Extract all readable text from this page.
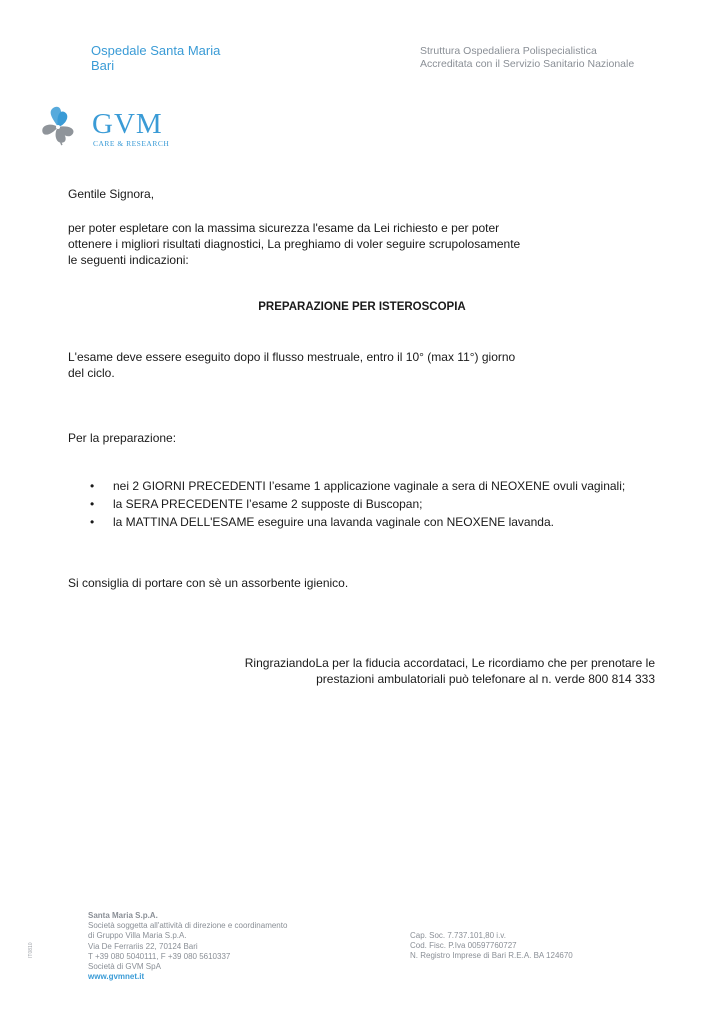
Ospedale Santa Maria
Bari
Struttura Ospedaliera Polispecialistica
Accreditata con il Servizio Sanitario Nazionale
GVM
CARE & RESEARCH
Gentile Signora,
per poter espletare con la massima sicurezza l'esame da Lei richiesto e per poter
ottenere i migliori risultati diagnostici, La preghiamo di voler seguire scrupolosamente
le seguenti indicazioni:
PREPARAZIONE PER ISTEROSCOPIA
L'esame deve essere eseguito dopo il flusso mestruale, entro il 10° (max 11°) giorno
del ciclo.
Per la preparazione:
• nei 2 GIORNI PRECEDENTI l’esame 1 applicazione vaginale a sera di NEOXENE ovuli vaginali;
• la SERA PRECEDENTE l’esame 2 supposte di Buscopan;
• la MATTINA DELL'ESAME eseguire una lavanda vaginale con NEOXENE lavanda.
Si consiglia di portare con sè un assorbente igienico.
RingraziandoLa per la fiducia accordataci, Le ricordiamo che per prenotare le
prestazioni ambulatoriali può telefonare al n. verde 800 814 333
Santa Maria S.p.A.
Società soggetta all'attività di direzione e coordinamento
di Gruppo Villa Maria S.p.A.
Via De Ferrariis 22, 70124 Bari
T +39 080 5040111, F +39 080 5610337
Società di GVM SpA
www.gvmnet.it
Cap. Soc. 7.737.101,80 i.v.
Cod. Fisc. P.Iva 00597760727
N. Registro Imprese di Bari R.E.A. BA 124670
IT0810
